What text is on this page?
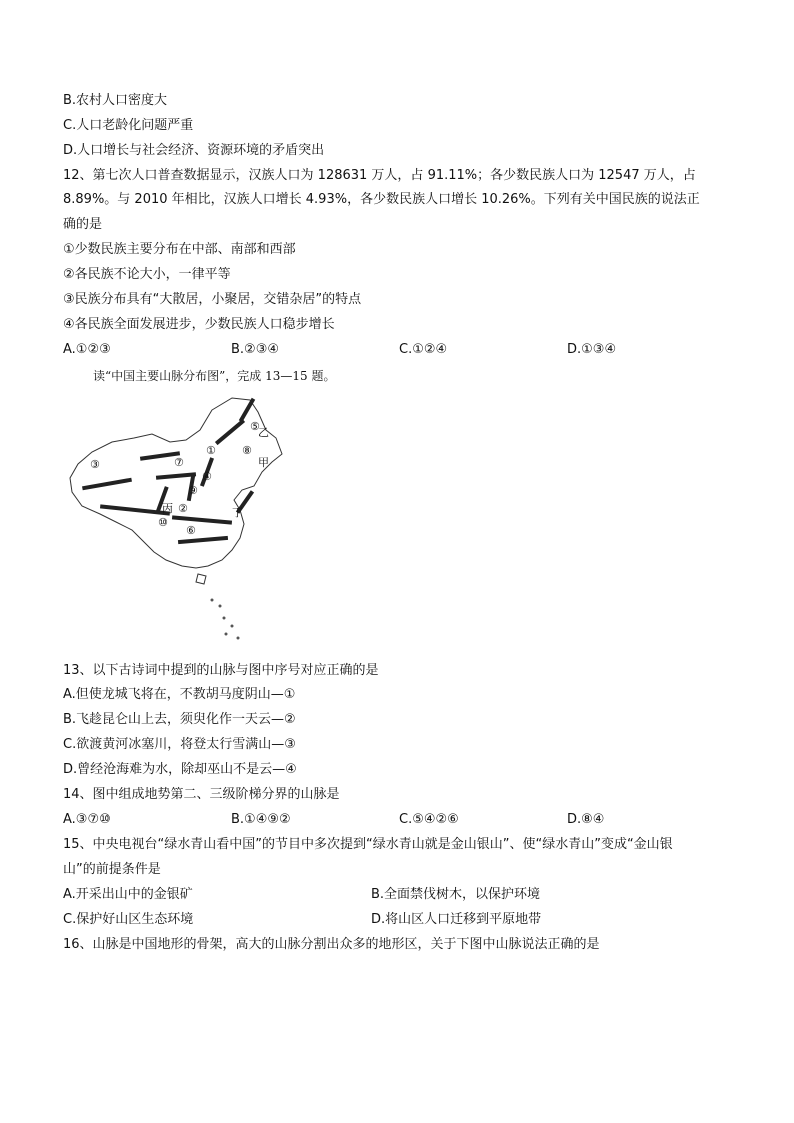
B.农村人口密度大
C.人口老龄化问题严重
D.人口增长与社会经济、资源环境的矛盾突出
12、第七次人口普查数据显示，汉族人口为 128631 万人，占 91.11%；各少数民族人口为 12547 万人，占
8.89%。与 2010 年相比，汉族人口增长 4.93%，各少数民族人口增长 10.26%。下列有关中国民族的说法正
确的是
①少数民族主要分布在中部、南部和西部
②各民族不论大小，一律平等
③民族分布具有“大散居，小聚居，交错杂居”的特点
④各民族全面发展进步，少数民族人口稳步增长
A.①②③	B.②③④	C.①②④	D.①③④
读“中国主要山脉分布图”，完成 13—15 题。
①
②
③
④
⑤
⑥
⑦
⑧
⑨
⑩
甲
乙
丙	丁
13、以下古诗词中提到的山脉与图中序号对应正确的是
A.但使龙城飞将在，不教胡马度阴山—①
B.飞趁昆仑山上去，须臾化作一天云—②
C.欲渡黄河冰塞川，将登太行雪满山—③
D.曾经沧海难为水，除却巫山不是云—④
14、图中组成地势第二、三级阶梯分界的山脉是
A.③⑦⑩	B.①④⑨②	C.⑤④②⑥	D.⑧④
15、中央电视台“绿水青山看中国”的节目中多次提到“绿水青山就是金山银山”、使“绿水青山”变成“金山银
山”的前提条件是
A.开采出山中的金银矿	B.全面禁伐树木，以保护环境
C.保护好山区生态环境	D.将山区人口迁移到平原地带
16、山脉是中国地形的骨架，高大的山脉分割出众多的地形区，关于下图中山脉说法正确的是
